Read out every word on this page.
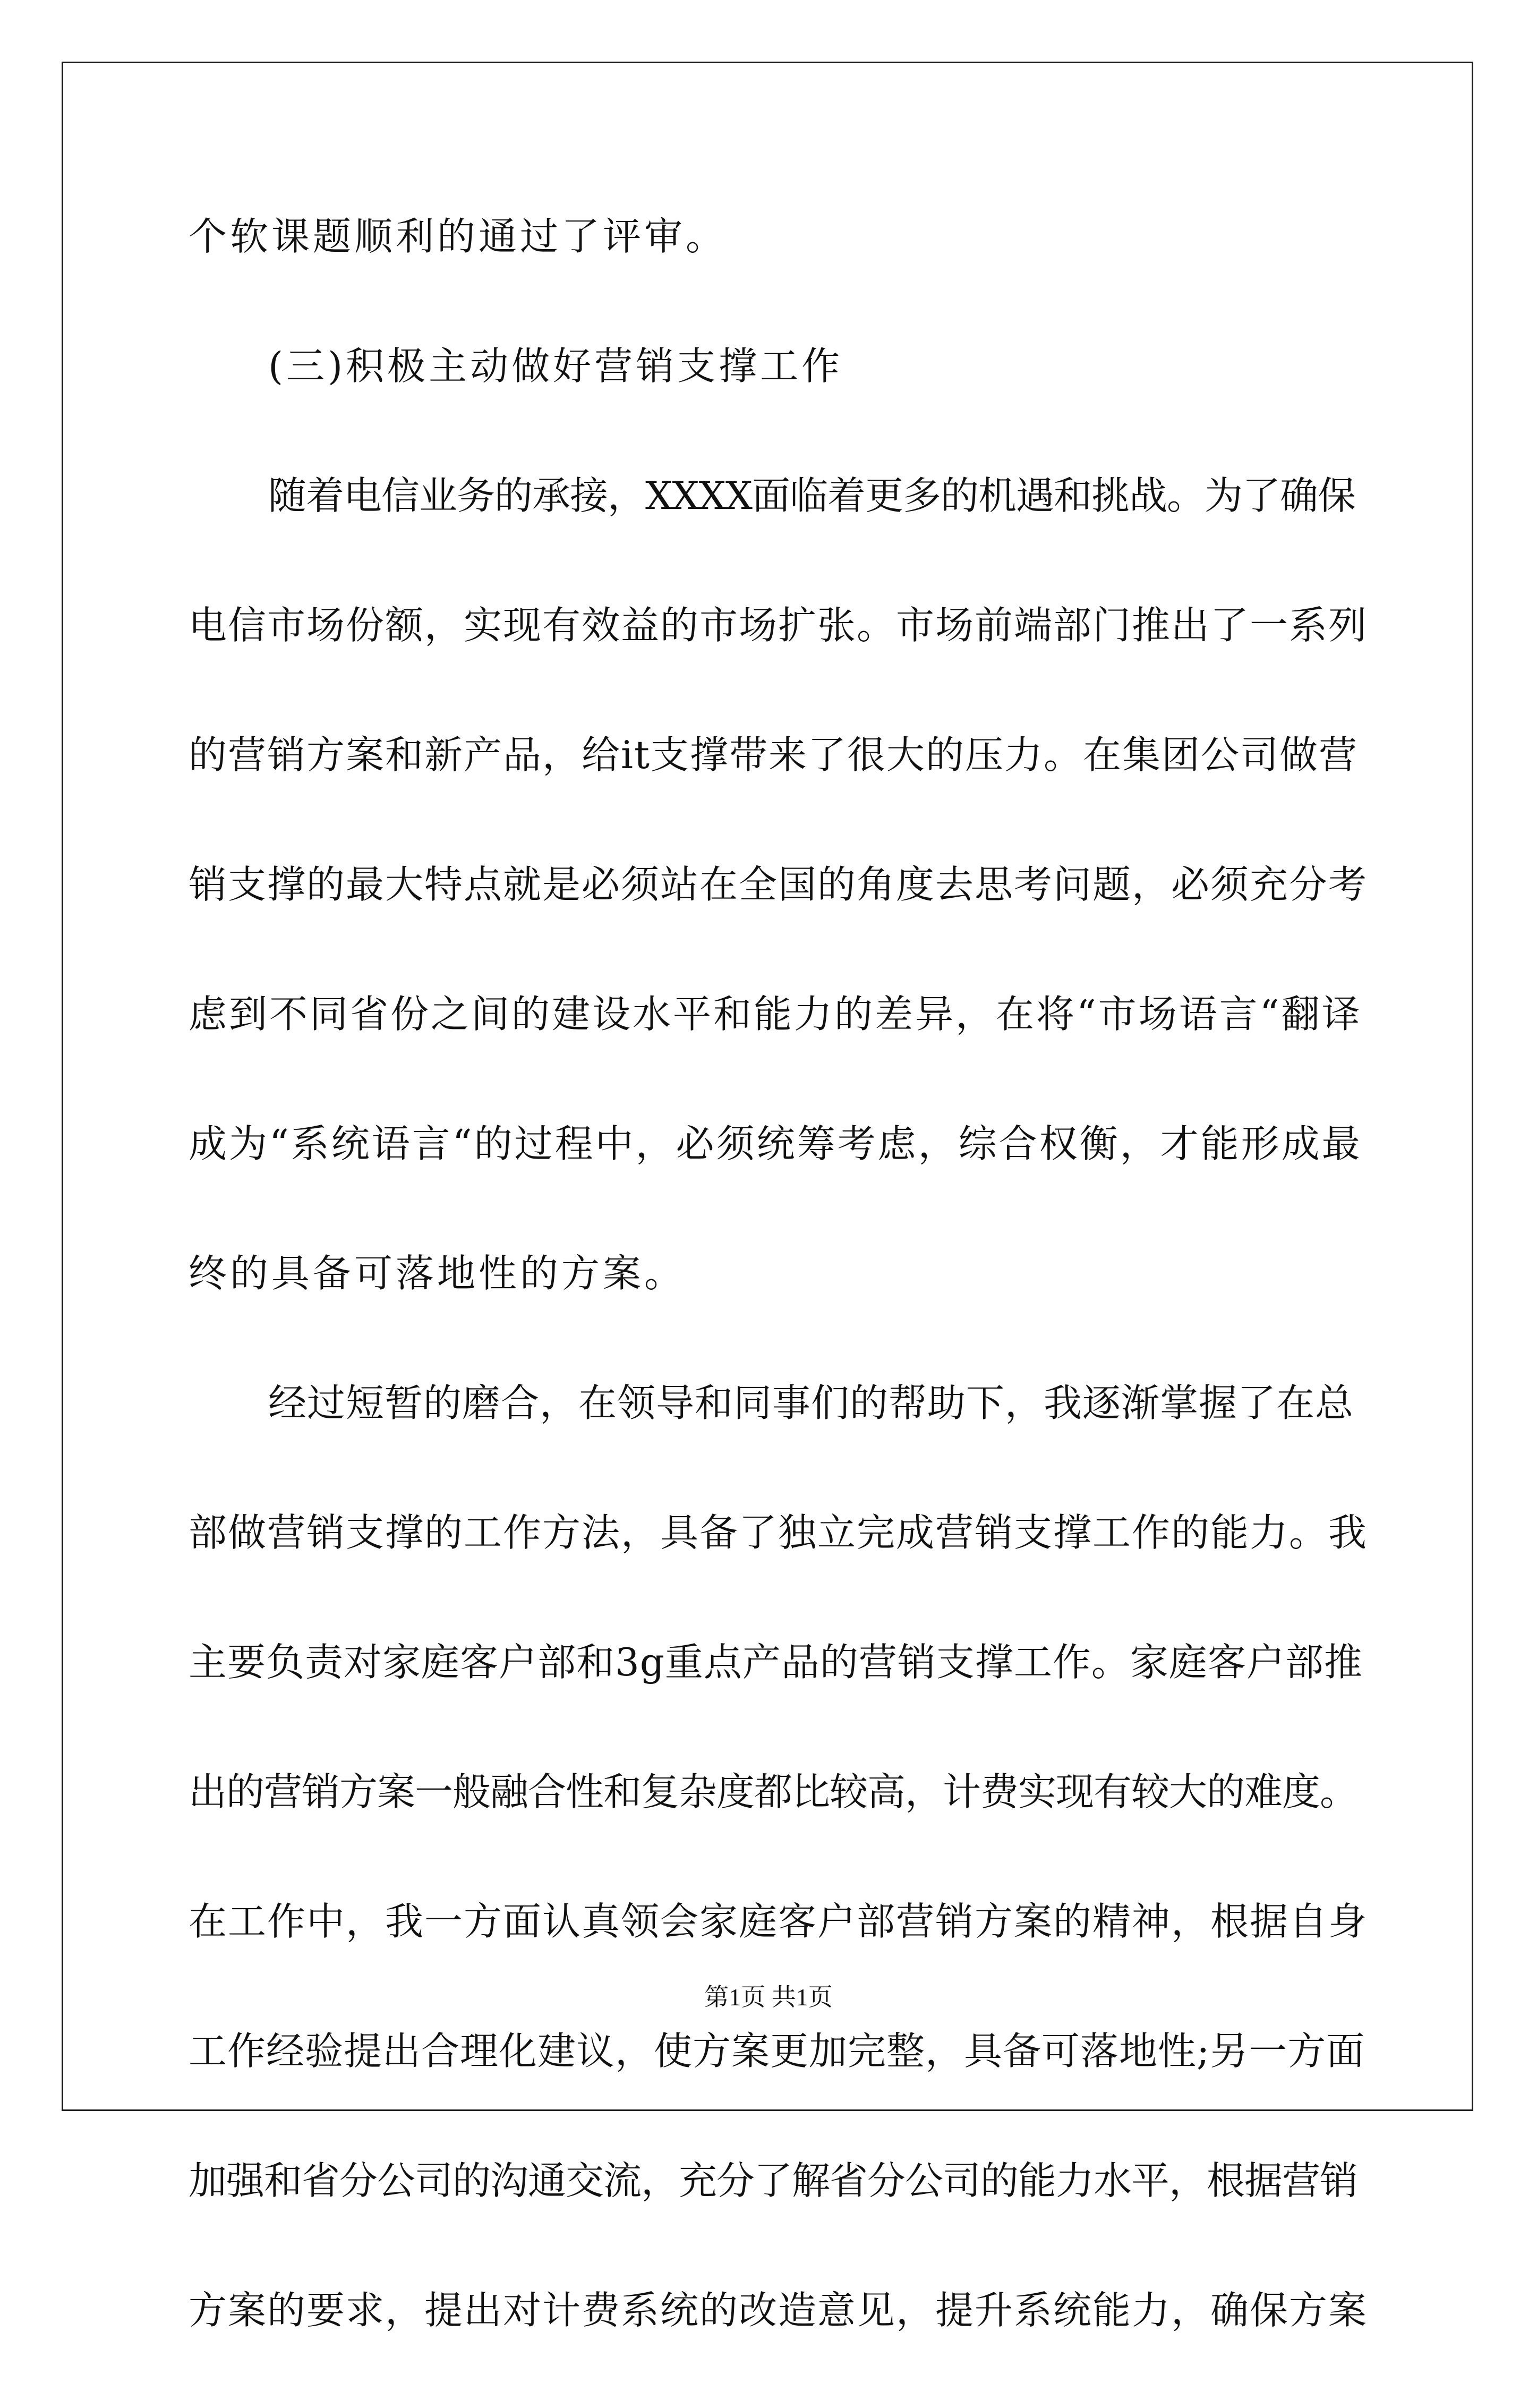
个软课题顺利的通过了评审。
(三)积极主动做好营销支撑工作
随着电信业务的承接，XXXX面临着更多的机遇和挑战。为了确保
电信市场份额，实现有效益的市场扩张。市场前端部门推出了一系列
的营销方案和新产品，给it支撑带来了很大的压力。在集团公司做营
销支撑的最大特点就是必须站在全国的角度去思考问题，必须充分考
虑到不同省份之间的建设水平和能力的差异，在将“市场语言“翻译
成为“系统语言“的过程中，必须统筹考虑，综合权衡，才能形成最
终的具备可落地性的方案。
经过短暂的磨合，在领导和同事们的帮助下，我逐渐掌握了在总
部做营销支撑的工作方法，具备了独立完成营销支撑工作的能力。我
主要负责对家庭客户部和3g重点产品的营销支撑工作。家庭客户部推
出的营销方案一般融合性和复杂度都比较高，计费实现有较大的难度。
在工作中，我一方面认真领会家庭客户部营销方案的精神，根据自身
工作经验提出合理化建议，使方案更加完整，具备可落地性;另一方面
加强和省分公司的沟通交流，充分了解省分公司的能力水平，根据营销
方案的要求，提出对计费系统的改造意见，提升系统能力，确保方案
第1页 共1页
